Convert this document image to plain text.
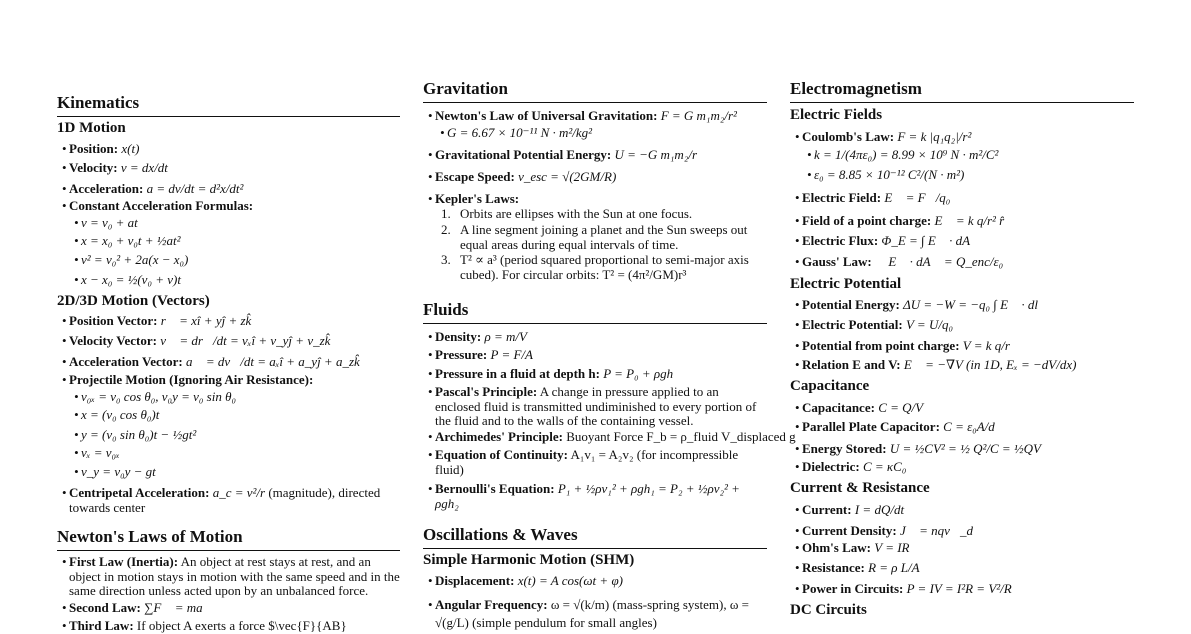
Kinematics
1D Motion
• Position: x(t)
• Velocity: v = dx/dt
• Acceleration: a = dv/dt = d²x/dt²
• Constant Acceleration Formulas:
• v = v₀ + at
• x = x₀ + v₀t + ½at²
• v² = v₀² + 2a(x − x₀)
• x − x₀ = ½(v₀ + v)t
2D/3D Motion (Vectors)
• Position Vector: r⃗ = xî + yĵ + zk̂
• Velocity Vector: v⃗ = dr⃗/dt = vₓî + v_yĵ + v_zk̂
• Acceleration Vector: a⃗ = dv⃗/dt = aₓî + a_yĵ + a_zk̂
• Projectile Motion (Ignoring Air Resistance):
• v₀ₓ = v₀ cos θ₀, v₀y = v₀ sin θ₀
• x = (v₀ cos θ₀)t
• y = (v₀ sin θ₀)t − ½gt²
• vₓ = v₀ₓ
• v_y = v₀y − gt
• Centripetal Acceleration: a_c = v²/r (magnitude), directed
towards center
Newton's Laws of Motion
• First Law (Inertia): An object at rest stays at rest, and an object in motion stays in motion with the same speed and in the same direction unless acted upon by an unbalanced force.
• Second Law: ∑F⃗ = ma⃗
• Third Law: If object A exerts a force $\vec{F}{AB}
Gravitation
• Newton's Law of Universal Gravitation: F = G m₁m₂/r²
• G = 6.67 × 10⁻¹¹ N · m²/kg²
• Gravitational Potential Energy: U = −G m₁m₂/r
• Escape Speed: v_esc = √(2GM/R)
• Kepler's Laws:
1. Orbits are ellipses with the Sun at one focus.
2. A line segment joining a planet and the Sun sweeps out equal areas during equal intervals of time.
3. T² ∝ a³ (period squared proportional to semi-major axis cubed). For circular orbits: T² = (4π²/GM)r³
Fluids
• Density: ρ = m/V
• Pressure: P = F/A
• Pressure in a fluid at depth h: P = P₀ + ρgh
• Pascal's Principle: A change in pressure applied to an enclosed fluid is transmitted undiminished to every portion of the fluid and to the walls of the containing vessel.
• Archimedes' Principle: Buoyant Force F_b = ρ_fluid V_displaced g
• Equation of Continuity: A₁v₁ = A₂v₂ (for incompressible fluid)
• Bernoulli's Equation: P₁ + ½ρv₁² + ρgh₁ = P₂ + ½ρv₂² + ρgh₂
Oscillations & Waves
Simple Harmonic Motion (SHM)
• Displacement: x(t) = A cos(ωt + φ)
• Angular Frequency: ω = √(k/m) (mass-spring system), ω =
√(g/L) (simple pendulum for small angles)
Electromagnetism
Electric Fields
• Coulomb's Law: F = k |q₁q₂|/r²
• k = 1/(4πε₀) = 8.99 × 10⁹ N · m²/C²
• ε₀ = 8.85 × 10⁻¹² C²/(N · m²)
• Electric Field: E⃗ = F⃗/q₀
• Field of a point charge: E⃗ = k q/r² r̂
• Electric Flux: Φ_E = ∫ E⃗ · dA⃗
• Gauss' Law: ∮ E⃗ · dA⃗ = Q_enc/ε₀
Electric Potential
• Potential Energy: ΔU = −W = −q₀ ∫ E⃗ · dl⃗
• Electric Potential: V = U/q₀
• Potential from point charge: V = k q/r
• Relation E and V: E⃗ = −∇V (in 1D, Eₓ = −dV/dx)
Capacitance
• Capacitance: C = Q/V
• Parallel Plate Capacitor: C = ε₀A/d
• Energy Stored: U = ½CV² = ½ Q²/C = ½QV
• Dielectric: C = κC₀
Current & Resistance
• Current: I = dQ/dt
• Current Density: J⃗ = nqv⃗_d
• Ohm's Law: V = IR
• Resistance: R = ρ L/A
• Power in Circuits: P = IV = I²R = V²/R
DC Circuits
